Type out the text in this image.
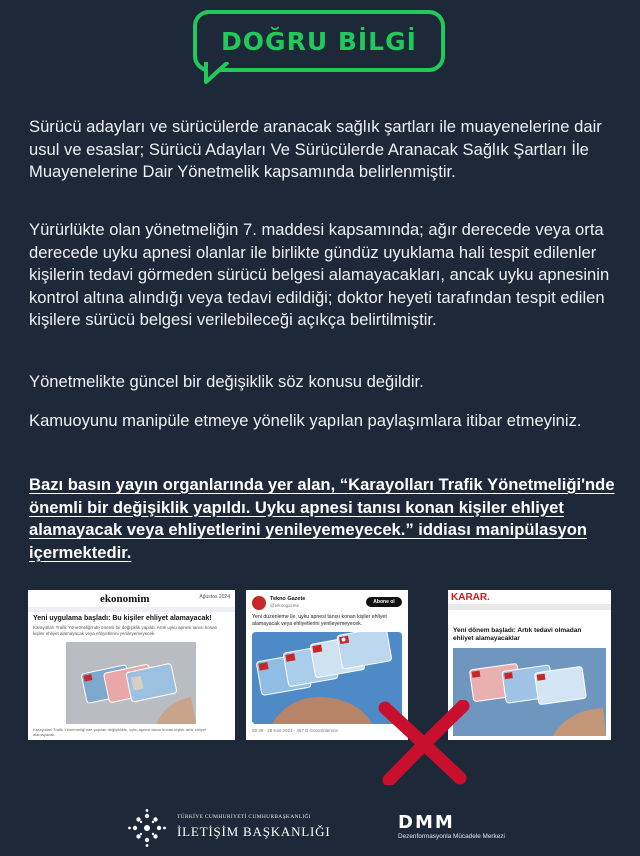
DOĞRU BİLGİ

Sürücü adayları ve sürücülerde aranacak sağlık şartları ile muayenelerine dair usul ve esaslar; Sürücü Adayları Ve Sürücülerde Aranacak Sağlık Şartları İle Muayenelerine Dair Yönetmelik kapsamında belirlenmiştir.

Yürürlükte olan yönetmeliğin 7. maddesi kapsamında; ağır derecede veya orta derecede uyku apnesi olanlar ile birlikte gündüz uyuklama hali tespit edilenler kişilerin tedavi görmeden sürücü belgesi alamayacakları, ancak uyku apnesinin kontrol altına alındığı veya tedavi edildiği; doktor heyeti tarafından tespit edilen kişilere sürücü belgesi verilebileceği açıkça belirtilmiştir.

Yönetmelikte güncel bir değişiklik söz konusu değildir.

Kamuoyunu manipüle etmeye yönelik yapılan paylaşımlara itibar etmeyiniz.

Bazı basın yayın organlarında yer alan, “Karayolları Trafik Yönetmeliği'nde önemli bir değişiklik yapıldı. Uyku apnesi tanısı konan kişiler ehliyet alamayacak veya ehliyetlerini yenileyemeyecek.” iddiası manipülasyon içermektedir.

ekonomim	Ağustos 2024
Yeni uygulama başladı: Bu kişiler ehliyet alamayacak!
Karayolları Trafik Yönetmeliği'nde önemli bir değişiklik yapıldı. Artık uyku apnesi tanısı konan kişiler ehliyet alamayacak veya ehliyetlerini yenileyemeyecek.
Karayolları Trafik Yönetmeliği'nde yapılan değişiklikle, uyku apnesi tanısı konan kişiler artık ehliyet alamayacak.
Tekno Gazete
@teknogazete
Abone ol
Yeni düzenleme ile, uyku apnesi tanısı konan kişiler ehliyet alamayacak veya ehliyetlerini yenileyemeyecek.
09:38 · 28 Kas 2024 · 457 B Görüntülenme
KARAR.
Yeni dönem başladı: Artık tedavi olmadan ehliyet alamayacaklar
TÜRKİYE CUMHURİYETİ CUMHURBAŞKANLIĞI
İLETİŞİM BAŞKANLIĞI	DMM
Dezenformasyonla Mücadele Merkezi
